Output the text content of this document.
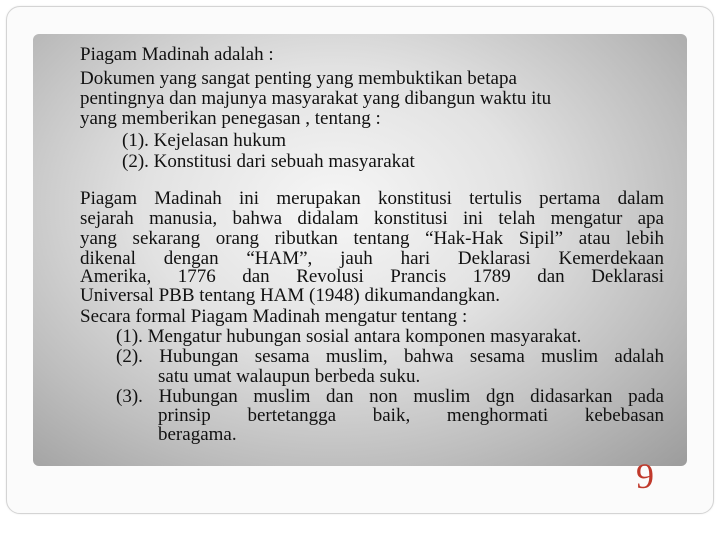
Piagam Madinah adalah :

Dokumen yang sangat penting yang membuktikan betapa

pentingnya dan majunya masyarakat yang dibangun waktu itu

yang memberikan penegasan , tentang :

(1). Kejelasan hukum

(2). Konstitusi dari sebuah masyarakat

Piagam Madinah ini merupakan konstitusi tertulis pertama dalam
sejarah manusia, bahwa didalam konstitusi ini telah mengatur apa
yang sekarang orang ributkan tentang “Hak-Hak Sipil” atau lebih
dikenal dengan “HAM”, jauh hari Deklarasi Kemerdekaan
Amerika, 1776 dan Revolusi Prancis 1789 dan Deklarasi

Universal PBB tentang HAM (1948) dikumandangkan.

Secara formal Piagam Madinah mengatur tentang :

(1). Mengatur hubungan sosial antara komponen masyarakat.

(2). Hubungan sesama muslim, bahwa sesama muslim adalah

satu umat walaupun berbeda suku.

(3). Hubungan muslim dan non muslim dgn didasarkan pada
prinsip bertetangga baik, menghormati kebebasan

beragama.

9
